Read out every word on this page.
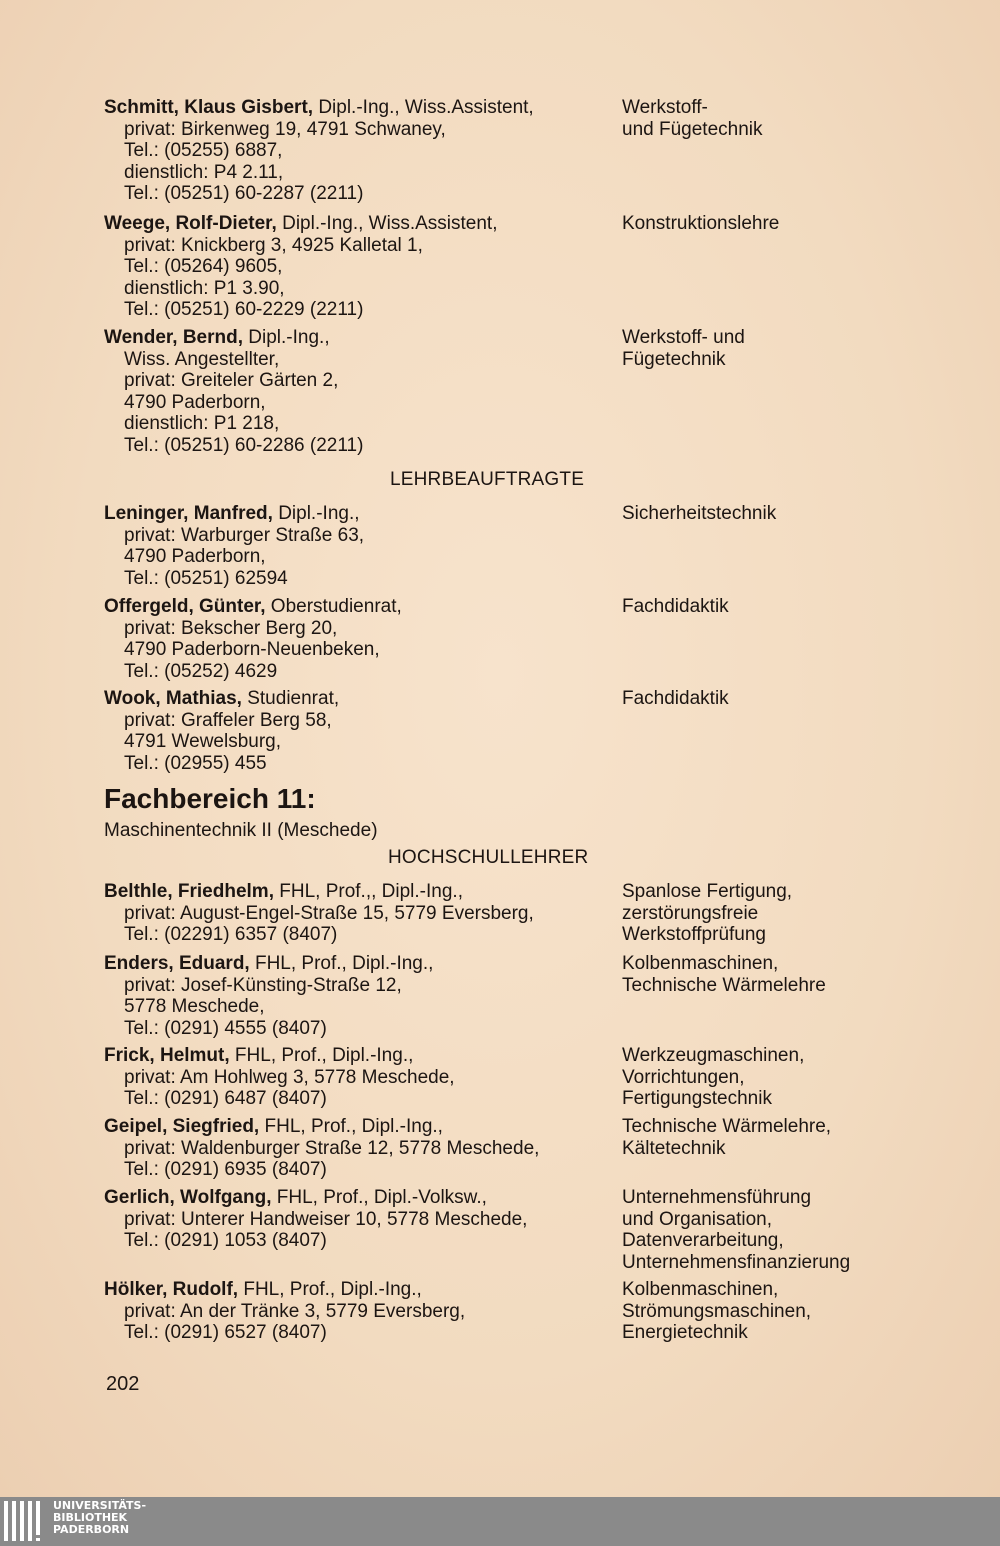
Schmitt, Klaus Gisbert, Dipl.-Ing., Wiss.Assistent,
privat: Birkenweg 19, 4791 Schwaney,
Tel.: (05255) 6887,
dienstlich: P4 2.11,
Tel.: (05251) 60-2287 (2211)
Werkstoff-
und Fügetechnik
Weege, Rolf-Dieter, Dipl.-Ing., Wiss.Assistent,
privat: Knickberg 3, 4925 Kalletal 1,
Tel.: (05264) 9605,
dienstlich: P1 3.90,
Tel.: (05251) 60-2229 (2211)
Konstruktionslehre
Wender, Bernd, Dipl.-Ing.,
Wiss. Angestellter,
privat: Greiteler Gärten 2,
4790 Paderborn,
dienstlich: P1 218,
Tel.: (05251) 60-2286 (2211)
Werkstoff- und
Fügetechnik
LEHRBEAUFTRAGTE
Leninger, Manfred, Dipl.-Ing.,
privat: Warburger Straße 63,
4790 Paderborn,
Tel.: (05251) 62594
Sicherheitstechnik
Offergeld, Günter, Oberstudienrat,
privat: Bekscher Berg 20,
4790 Paderborn-Neuenbeken,
Tel.: (05252) 4629
Fachdidaktik
Wook, Mathias, Studienrat,
privat: Graffeler Berg 58,
4791 Wewelsburg,
Tel.: (02955) 455
Fachdidaktik
Fachbereich 11:
Maschinentechnik II (Meschede)
HOCHSCHULLEHRER
Belthle, Friedhelm, FHL, Prof.,, Dipl.-Ing.,
privat: August-Engel-Straße 15, 5779 Eversberg,
Tel.: (02291) 6357 (8407)
Spanlose Fertigung,
zerstörungsfreie
Werkstoffprüfung
Enders, Eduard, FHL, Prof., Dipl.-Ing.,
privat: Josef-Künsting-Straße 12,
5778 Meschede,
Tel.: (0291) 4555 (8407)
Kolbenmaschinen,
Technische Wärmelehre
Frick, Helmut, FHL, Prof., Dipl.-Ing.,
privat: Am Hohlweg 3, 5778 Meschede,
Tel.: (0291) 6487 (8407)
Werkzeugmaschinen,
Vorrichtungen,
Fertigungstechnik
Geipel, Siegfried, FHL, Prof., Dipl.-Ing.,
privat: Waldenburger Straße 12, 5778 Meschede,
Tel.: (0291) 6935 (8407)
Technische Wärmelehre,
Kältetechnik
Gerlich, Wolfgang, FHL, Prof., Dipl.-Volksw.,
privat: Unterer Handweiser 10, 5778 Meschede,
Tel.: (0291) 1053 (8407)
Unternehmensführung
und Organisation,
Datenverarbeitung,
Unternehmensfinanzierung
Hölker, Rudolf, FHL, Prof., Dipl.-Ing.,
privat: An der Tränke 3, 5779 Eversberg,
Tel.: (0291) 6527 (8407)
Kolbenmaschinen,
Strömungsmaschinen,
Energietechnik
202
UNIVERSITÄTS-
BIBLIOTHEK
PADERBORN
